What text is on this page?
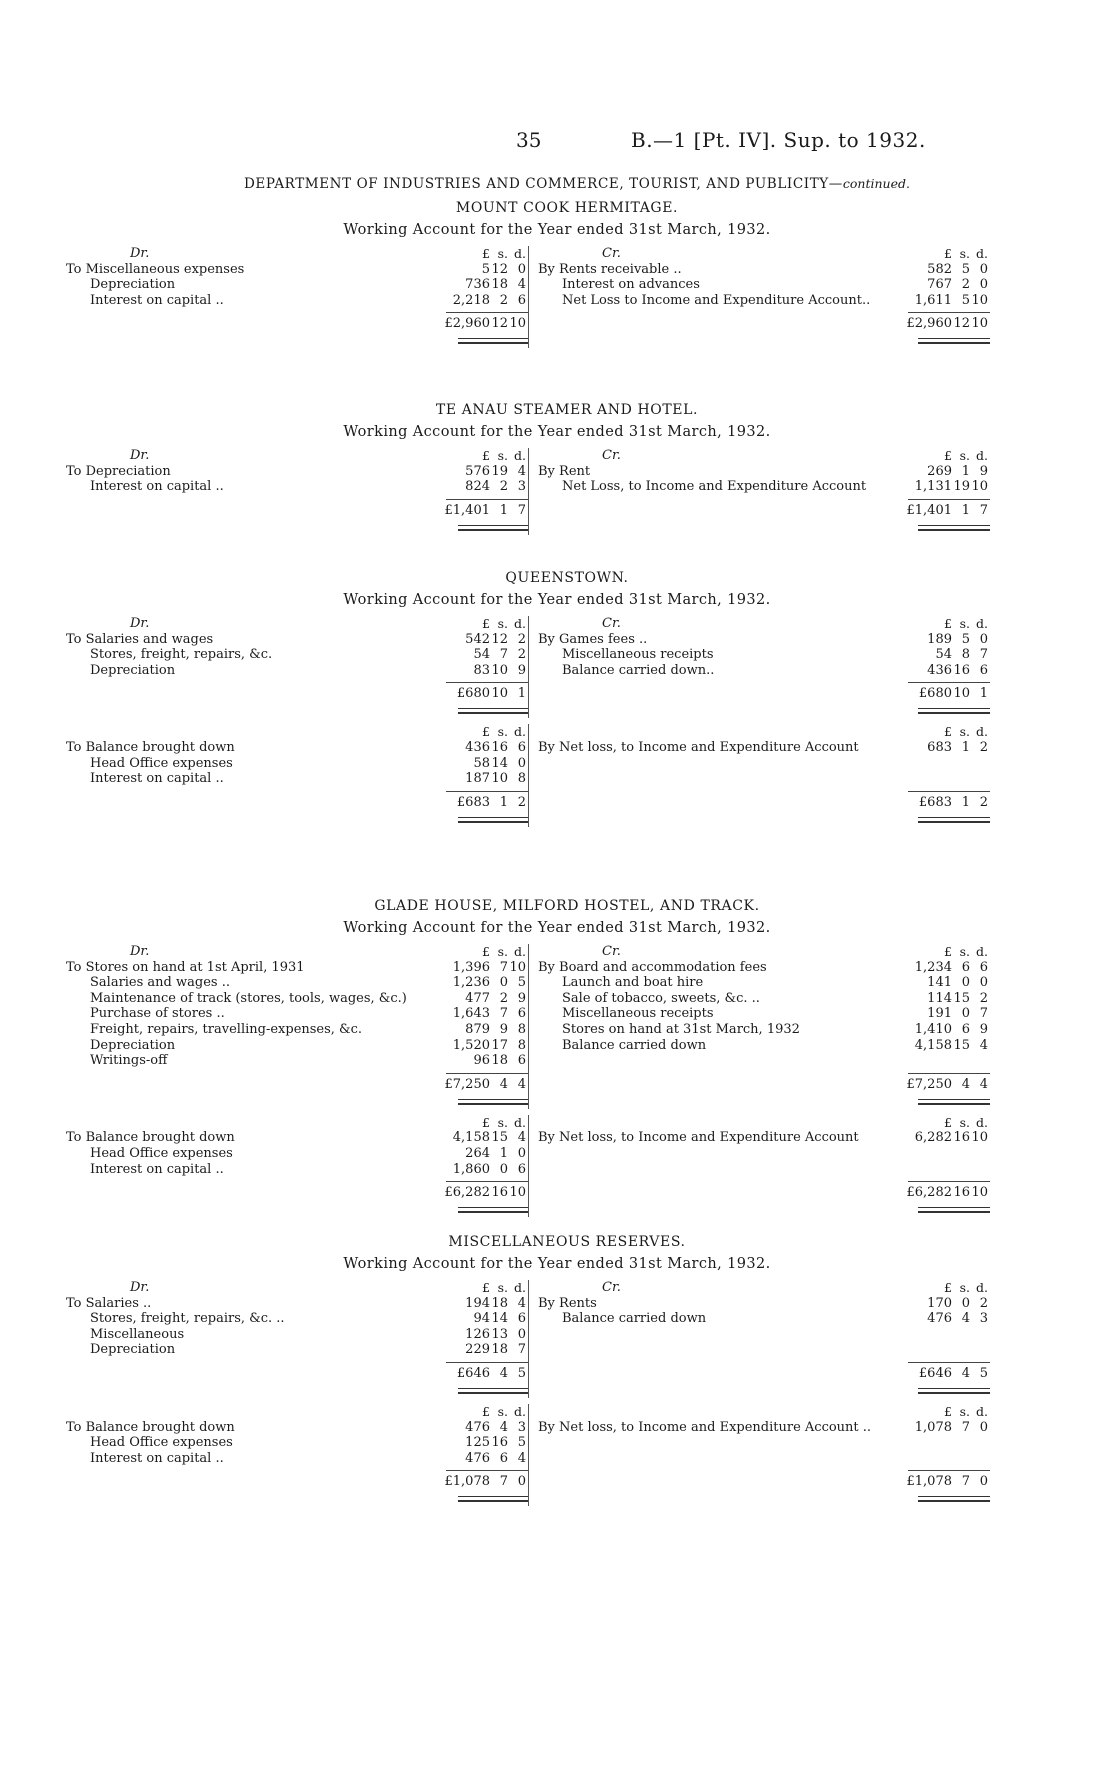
35	B.—1 [Pt. IV]. Sup. to 1932.
DEPARTMENT OF INDUSTRIES AND COMMERCE, TOURIST, AND PUBLICITY—continued.
MOUNT COOK HERMITAGE.
Working Account for the Year ended 31st March, 1932.
Dr.	£ s. d.
To Miscellaneous expenses	5 12 0
Depreciation	736 18 4
Interest on capital ..	2,218 2 6
£2,960 12 10
Cr.	£ s. d.
By Rents receivable ..	582 5 0
Interest on advances	767 2 0
Net Loss to Income and Expenditure Account..	1,611 5 10
£2,960 12 10
TE ANAU STEAMER AND HOTEL.
Working Account for the Year ended 31st March, 1932.
Dr.	£ s. d.
To Depreciation	576 19 4
Interest on capital ..	824 2 3
£1,401 1 7
Cr.	£ s. d.
By Rent	269 1 9
Net Loss, to Income and Expenditure Account	1,131 19 10
£1,401 1 7
QUEENSTOWN.
Working Account for the Year ended 31st March, 1932.
Dr.	£ s. d.
To Salaries and wages	542 12 2
Stores, freight, repairs, &c.	54 7 2
Depreciation	83 10 9
£680 10 1
Cr.	£ s. d.
By Games fees ..	189 5 0
Miscellaneous receipts	54 8 7
Balance carried down..	436 16 6
£680 10 1
£ s. d.
To Balance brought down	436 16 6
Head Office expenses	58 14 0
Interest on capital ..	187 10 8
£683 1 2
£ s. d.
By Net loss, to Income and Expenditure Account	683 1 2
£683 1 2
GLADE HOUSE, MILFORD HOSTEL, AND TRACK.
Working Account for the Year ended 31st March, 1932.
Dr.	£ s. d.
To Stores on hand at 1st April, 1931	1,396 7 10
Salaries and wages ..	1,236 0 5
Maintenance of track (stores, tools, wages, &c.)	477 2 9
Purchase of stores ..	1,643 7 6
Freight, repairs, travelling-expenses, &c.	879 9 8
Depreciation	1,520 17 8
Writings-off	96 18 6
£7,250 4 4
Cr.	£ s. d.
By Board and accommodation fees	1,234 6 6
Launch and boat hire	141 0 0
Sale of tobacco, sweets, &c. ..	114 15 2
Miscellaneous receipts	191 0 7
Stores on hand at 31st March, 1932	1,410 6 9
Balance carried down	4,158 15 4
£7,250 4 4
£ s. d.
To Balance brought down	4,158 15 4
Head Office expenses	264 1 0
Interest on capital ..	1,860 0 6
£6,282 16 10
£ s. d.
By Net loss, to Income and Expenditure Account	6,282 16 10
£6,282 16 10
MISCELLANEOUS RESERVES.
Working Account for the Year ended 31st March, 1932.
Dr.	£ s. d.
To Salaries ..	194 18 4
Stores, freight, repairs, &c. ..	94 14 6
Miscellaneous	126 13 0
Depreciation	229 18 7
£646 4 5
Cr.	£ s. d.
By Rents	170 0 2
Balance carried down	476 4 3
£646 4 5
£ s. d.
To Balance brought down	476 4 3
Head Office expenses	125 16 5
Interest on capital ..	476 6 4
£1,078 7 0
£ s. d.
By Net loss, to Income and Expenditure Account ..	1,078 7 0
£1,078 7 0
